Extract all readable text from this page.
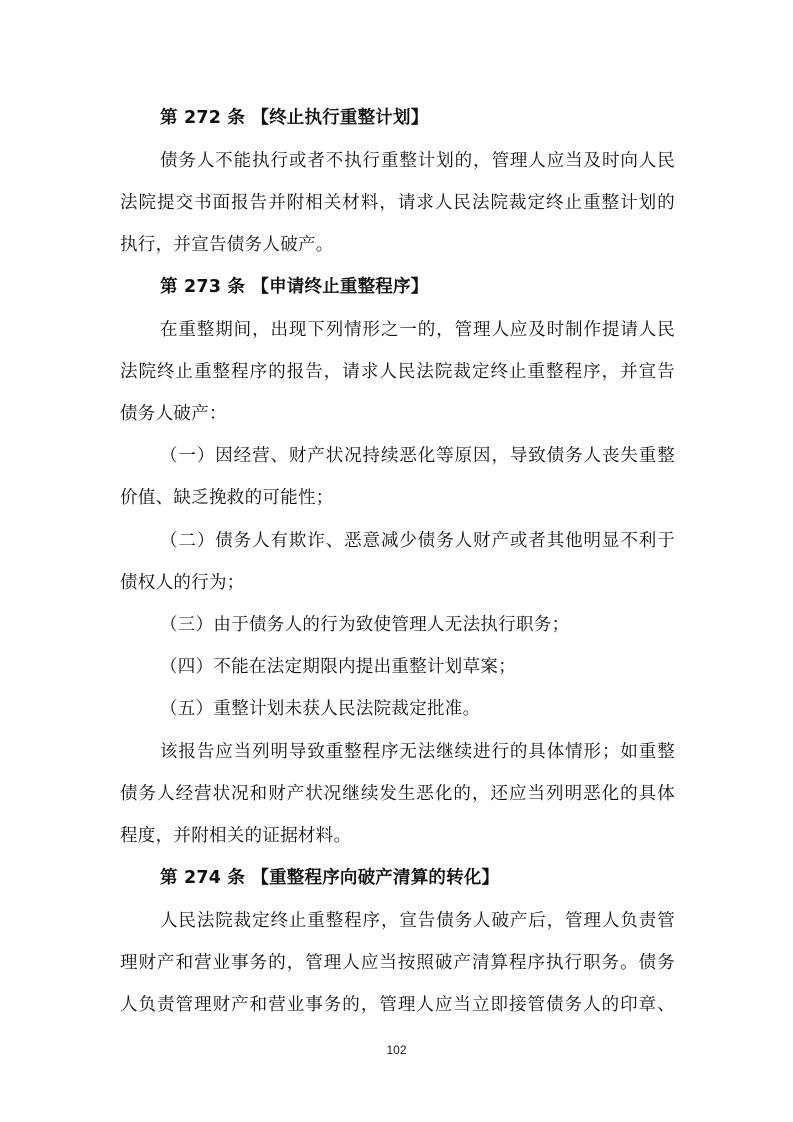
第 272 条 【终止执行重整计划】
债务人不能执行或者不执行重整计划的，管理人应当及时向人民
法院提交书面报告并附相关材料，请求人民法院裁定终止重整计划的
执行，并宣告债务人破产。
第 273 条 【申请终止重整程序】
在重整期间，出现下列情形之一的，管理人应及时制作提请人民
法院终止重整程序的报告，请求人民法院裁定终止重整程序，并宣告
债务人破产：
（一）因经营、财产状况持续恶化等原因，导致债务人丧失重整
价值、缺乏挽救的可能性；
（二）债务人有欺诈、恶意减少债务人财产或者其他明显不利于
债权人的行为；
（三）由于债务人的行为致使管理人无法执行职务；
（四）不能在法定期限内提出重整计划草案；
（五）重整计划未获人民法院裁定批准。
该报告应当列明导致重整程序无法继续进行的具体情形；如重整
债务人经营状况和财产状况继续发生恶化的，还应当列明恶化的具体
程度，并附相关的证据材料。
第 274 条 【重整程序向破产清算的转化】
人民法院裁定终止重整程序，宣告债务人破产后，管理人负责管
理财产和营业事务的，管理人应当按照破产清算程序执行职务。债务
人负责管理财产和营业事务的，管理人应当立即接管债务人的印章、
102
